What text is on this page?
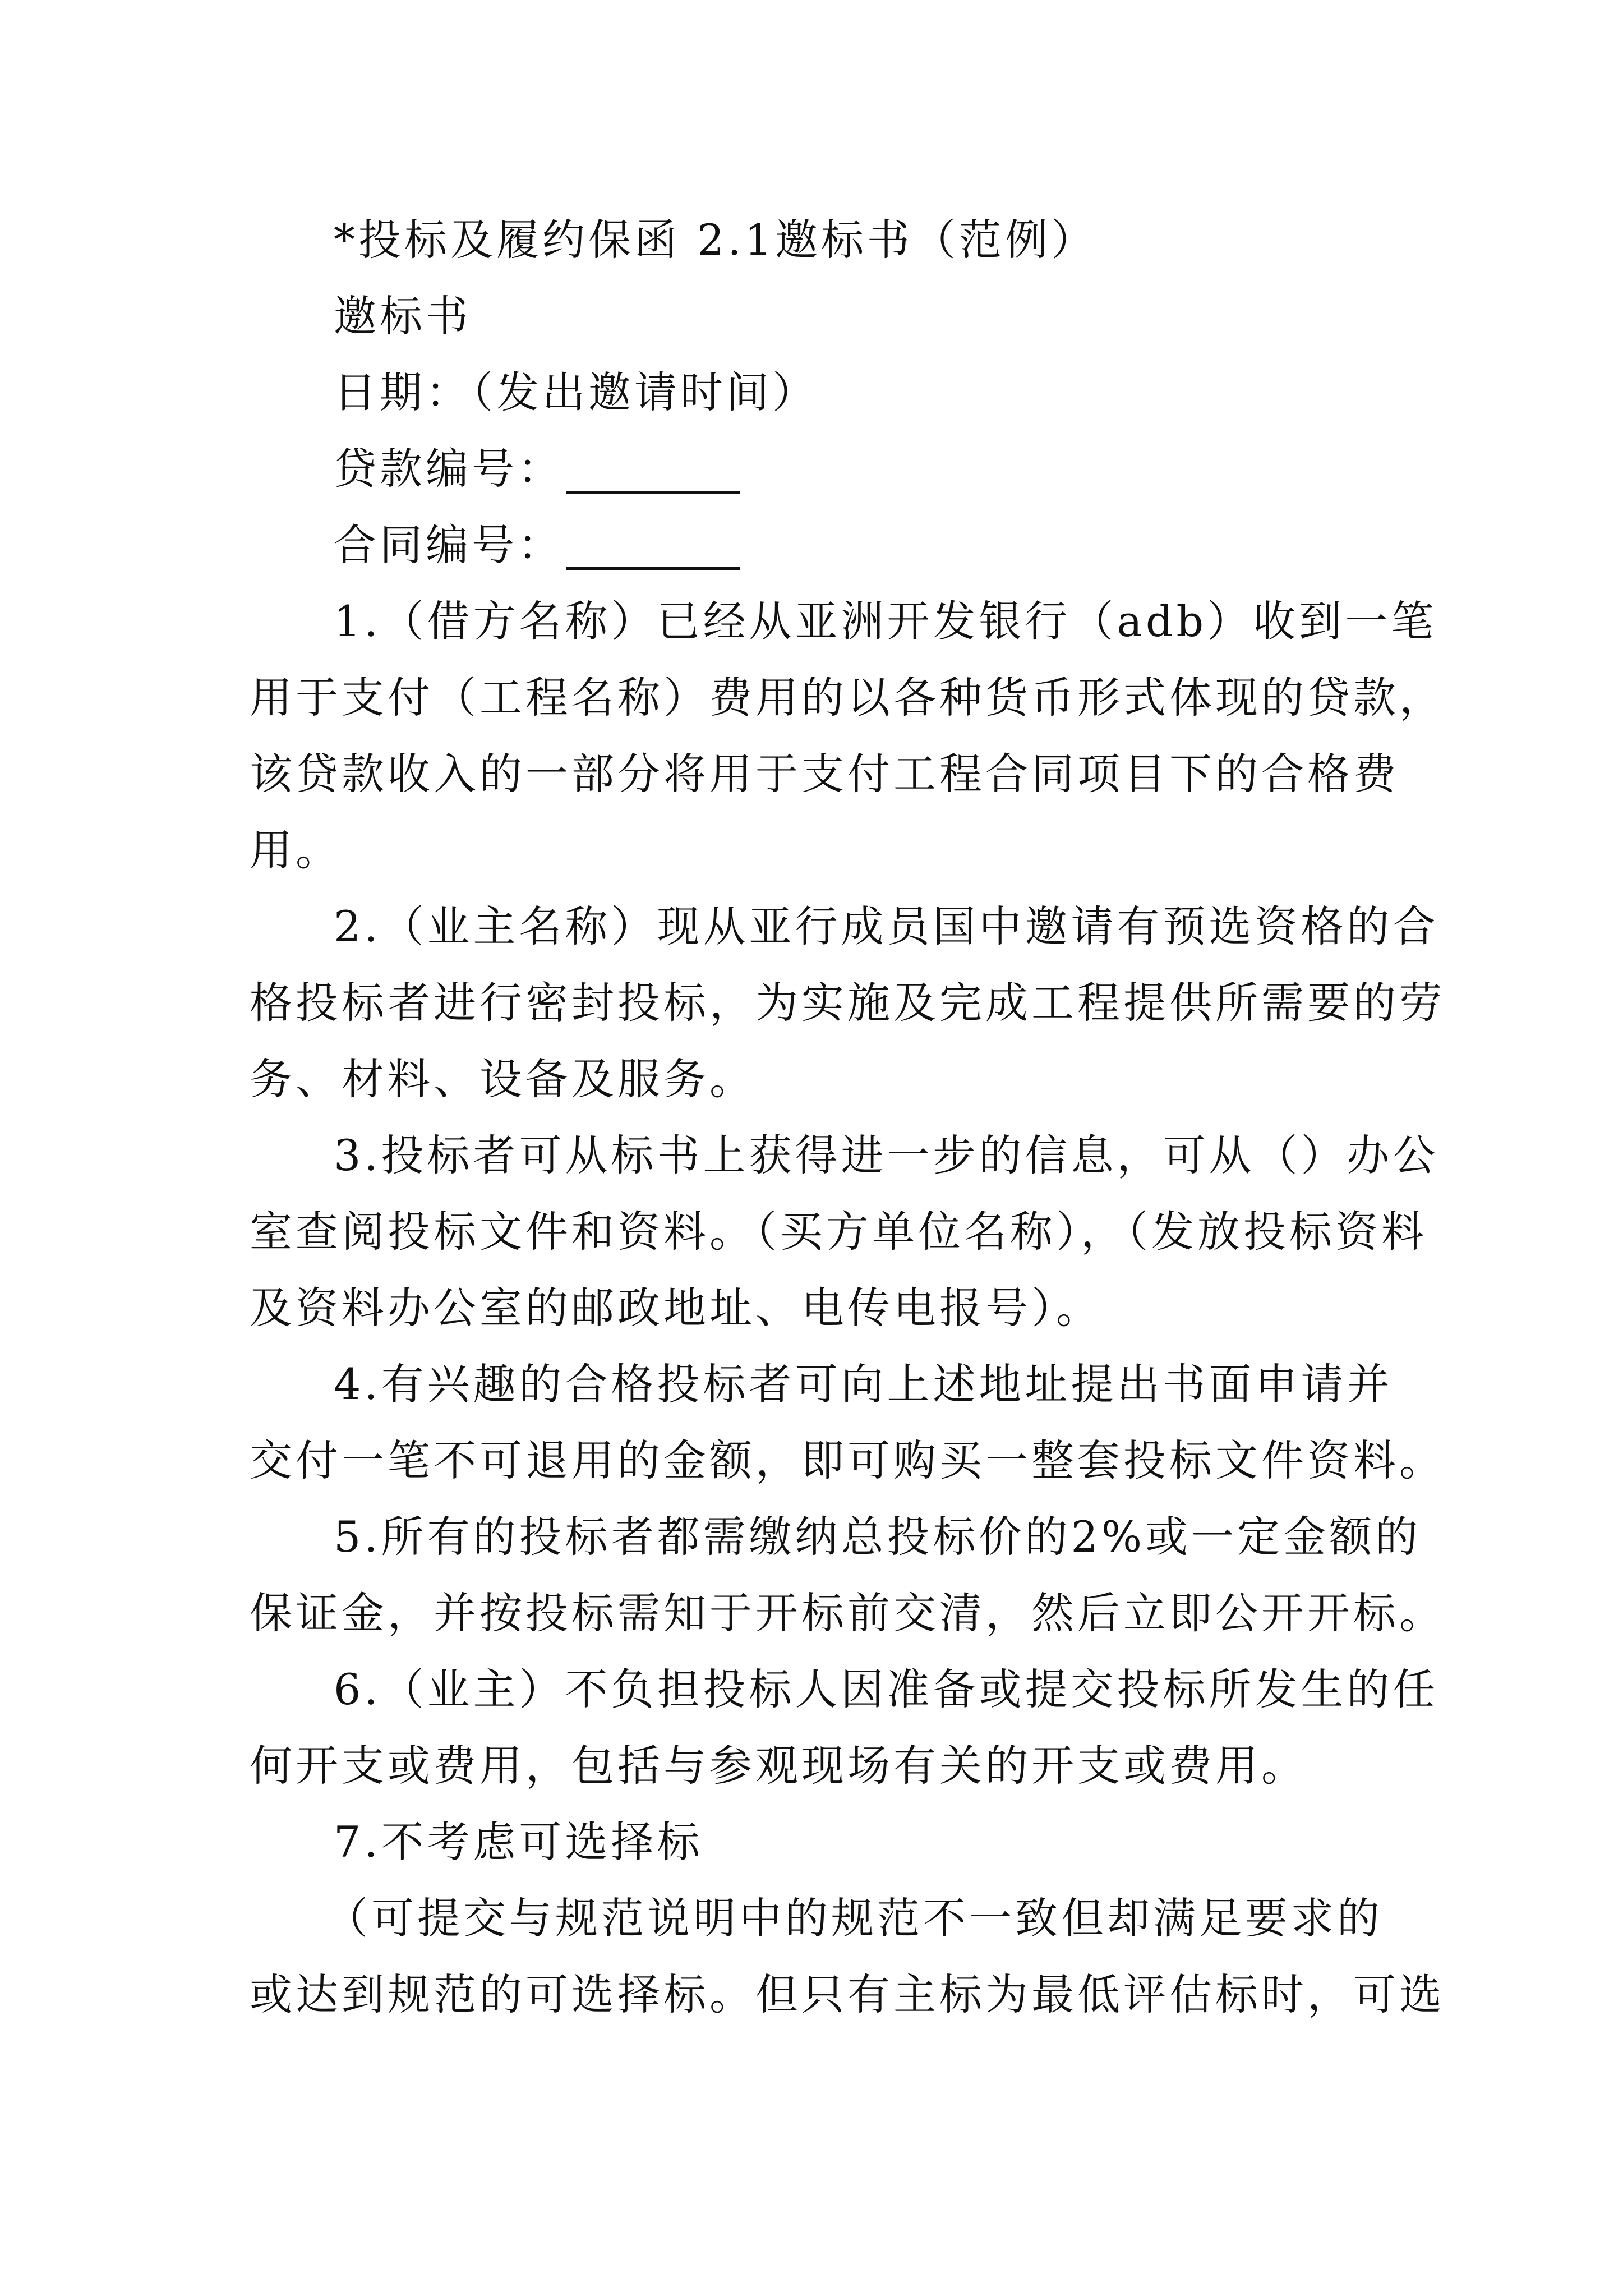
*投标及履约保函 2.1邀标书（范例）
邀标书
日期：（发出邀请时间）
贷款编号：
合同编号：
1.（借方名称）已经从亚洲开发银行（adb）收到一笔
用于支付（工程名称）费用的以各种货币形式体现的贷款，
该贷款收入的一部分将用于支付工程合同项目下的合格费
用。
2.（业主名称）现从亚行成员国中邀请有预选资格的合
格投标者进行密封投标，为实施及完成工程提供所需要的劳
务、材料、设备及服务。
3.投标者可从标书上获得进一步的信息，可从（）办公
室查阅投标文件和资料。（买方单位名称），（发放投标资料
及资料办公室的邮政地址、电传电报号）。
4.有兴趣的合格投标者可向上述地址提出书面申请并
交付一笔不可退用的金额，即可购买一整套投标文件资料。
5.所有的投标者都需缴纳总投标价的2%或一定金额的
保证金，并按投标需知于开标前交清，然后立即公开开标。
6.（业主）不负担投标人因准备或提交投标所发生的任
何开支或费用，包括与参观现场有关的开支或费用。
7.不考虑可选择标
（可提交与规范说明中的规范不一致但却满足要求的
或达到规范的可选择标。但只有主标为最低评估标时，可选
